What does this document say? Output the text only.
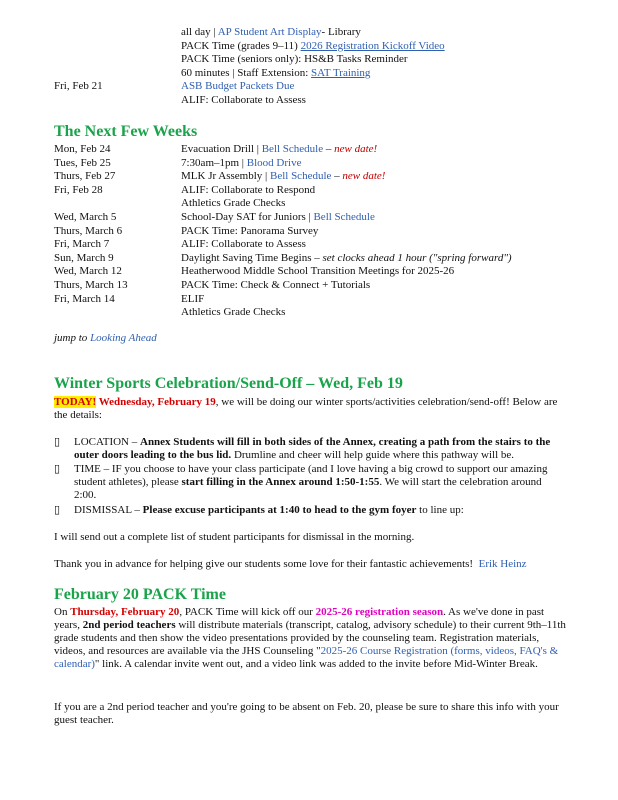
all day | AP Student Art Display- Library
PACK Time (grades 9–11) 2026 Registration Kickoff Video
PACK Time (seniors only): HS&B Tasks Reminder
60 minutes | Staff Extension: SAT Training
Fri, Feb 21	ASB Budget Packets Due
ALIF: Collaborate to Assess
The Next Few Weeks
Mon, Feb 24	Evacuation Drill | Bell Schedule – new date!
Tues, Feb 25	7:30am–1pm | Blood Drive
Thurs, Feb 27	MLK Jr Assembly | Bell Schedule – new date!
Fri, Feb 28	ALIF: Collaborate to Respond
Athletics Grade Checks
Wed, March 5	School-Day SAT for Juniors | Bell Schedule
Thurs, March 6	PACK Time: Panorama Survey
Fri, March 7	ALIF: Collaborate to Assess
Sun, March 9	Daylight Saving Time Begins – set clocks ahead 1 hour ("spring forward")
Wed, March 12	Heatherwood Middle School Transition Meetings for 2025-26
Thurs, March 13	PACK Time: Check & Connect + Tutorials
Fri, March 14	ELIF
Athletics Grade Checks
jump to Looking Ahead
Winter Sports Celebration/Send-Off – Wed, Feb 19
TODAY! Wednesday, February 19, we will be doing our winter sports/activities celebration/send-off! Below are the details:
▯ LOCATION – Annex Students will fill in both sides of the Annex, creating a path from the stairs to the outer doors leading to the bus lid. Drumline and cheer will help guide where this pathway will be.
▯ TIME – IF you choose to have your class participate (and I love having a big crowd to support our amazing student athletes), please start filling in the Annex around 1:50-1:55. We will start the celebration around 2:00.
▯ DISMISSAL – Please excuse participants at 1:40 to head to the gym foyer to line up:
I will send out a complete list of student participants for dismissal in the morning.
Thank you in advance for helping give our students some love for their fantastic achievements! Erik Heinz
February 20 PACK Time
On Thursday, February 20, PACK Time will kick off our 2025-26 registration season. As we've done in past years, 2nd period teachers will distribute materials (transcript, catalog, advisory schedule) to their current 9th–11th grade students and then show the video presentations provided by the counseling team. Registration materials, videos, and resources are available via the JHS Counseling "2025-26 Course Registration (forms, videos, FAQ's & calendar)" link. A calendar invite went out, and a video link was added to the invite before Mid-Winter Break.
If you are a 2nd period teacher and you're going to be absent on Feb. 20, please be sure to share this info with your guest teacher.
